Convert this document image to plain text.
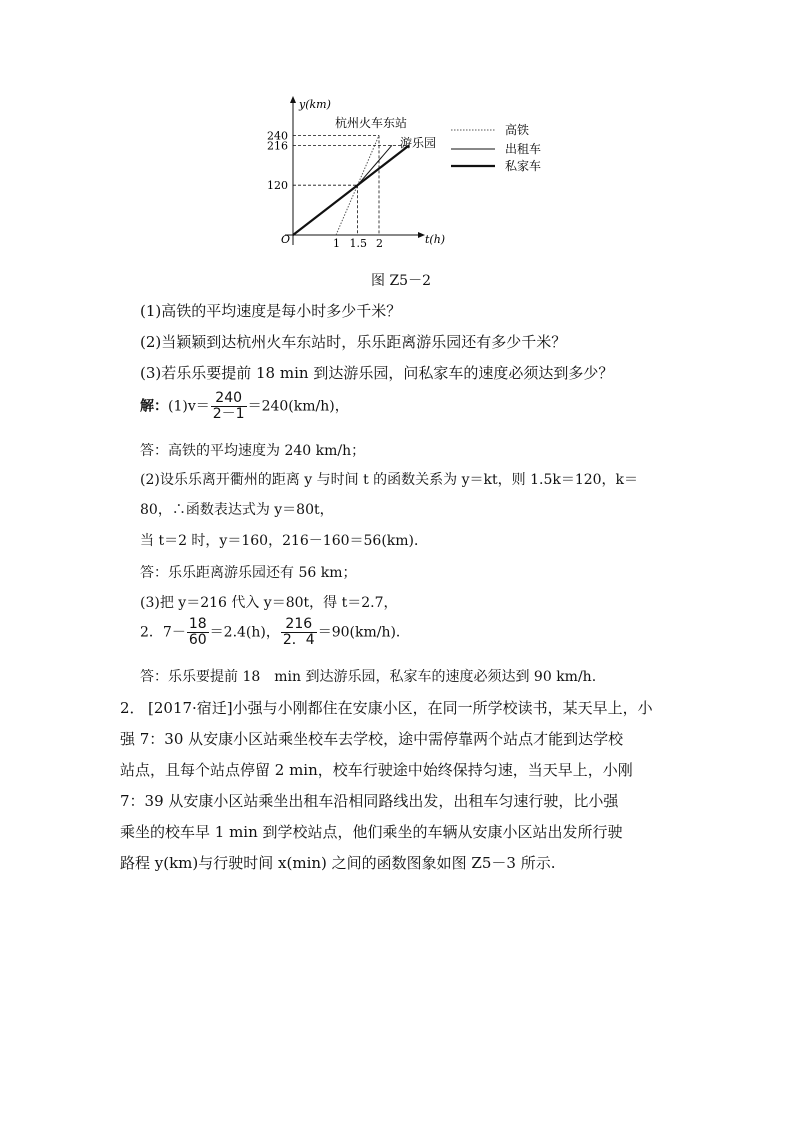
y(km)
t(h)
O
240
216
120
1 1.5 2
杭州火车东站
游乐园
高铁
出租车
私家车
图 Z5－2
(1)高铁的平均速度是每小时多少千米？
(2)当颖颖到达杭州火车东站时，乐乐距离游乐园还有多少千米？
(3)若乐乐要提前 18 min 到达游乐园，问私家车的速度必须达到多少？
解：$(1)v= \frac{240}{2-1} =240(km/h)$，
答：高铁的平均速度为 240 km/h；
(2)设乐乐离开衢州的距离 y 与时间 t 的函数关系为 y＝kt，则 1.5k＝120，k＝
80，∴函数表达式为 y＝80t，
当 t＝2 时，y＝160，216－160＝56(km)．
答：乐乐距离游乐园还有 56 km；
(3)把 y＝216 代入 y＝80t，得 t＝2.7，
2．$7- \frac{18}{60} =2.4(h)$， $\frac{216}{2.4} =90(km/h)$．
答：乐乐要提前 18　min 到达游乐园，私家车的速度必须达到 90 km/h.
2． [2017·宿迁]小强与小刚都住在安康小区，在同一所学校读书，某天早上，小
强 7：30 从安康小区站乘坐校车去学校，途中需停靠两个站点才能到达学校
站点，且每个站点停留 2 min，校车行驶途中始终保持匀速，当天早上，小刚
7：39 从安康小区站乘坐出租车沿相同路线出发，出租车匀速行驶，比小强
乘坐的校车早 1 min 到学校站点，他们乘坐的车辆从安康小区站出发所行驶
路程 y(km)与行驶时间 x(min) 之间的函数图象如图 Z5－3 所示.
